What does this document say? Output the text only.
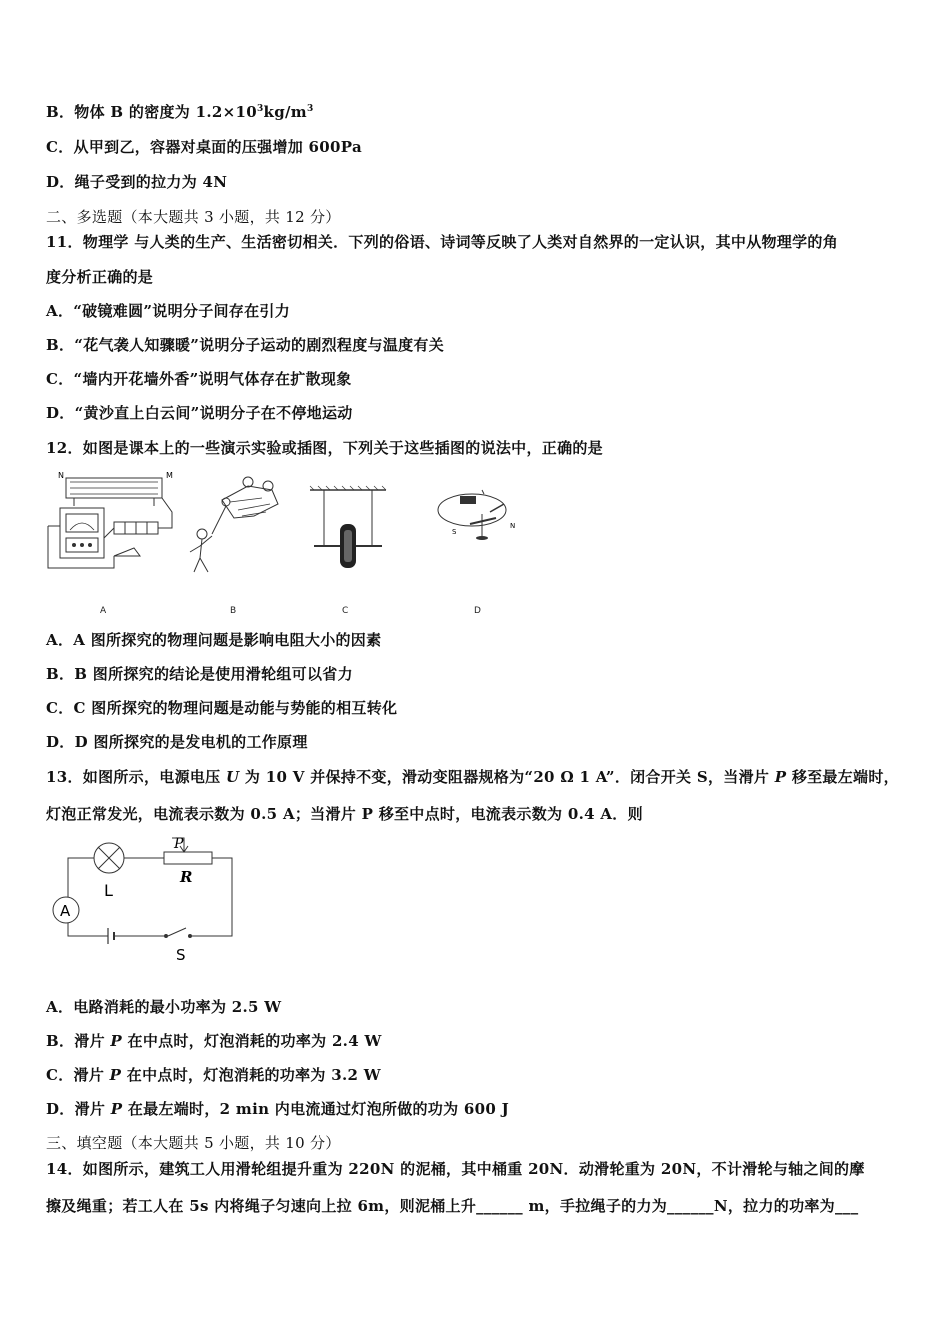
B．物体 B 的密度为 $1.2\times 10^3kg/m^3$
C．从甲到乙，容器对桌面的压强增加 600Pa
D．绳子受到的拉力为 4N
二、多选题（本大题共 3 小题，共 12 分）
11．物理学 与人类的生产、生活密切相关．下列的俗语、诗词等反映了人类对自然界的一定认识，其中从物理学的角
度分析正确的是
A．“破镜难圆”说明分子间存在引力
B．“花气袭人知骤暖”说明分子运动的剧烈程度与温度有关
C．“墙内开花墙外香”说明气体存在扩散现象
D．“黄沙直上白云间”说明分子在不停地运动
12．如图是课本上的一些演示实验或插图，下列关于这些插图的说法中，正确的是
N	M
S
N
A	B	C	D
A．A 图所探究的物理问题是影响电阻大小的因素
B．B 图所探究的结论是使用滑轮组可以省力
C．C 图所探究的物理问题是动能与势能的相互转化
D．D 图所探究的是发电机的工作原理
13．如图所示，电源电压 U 为 10 V 并保持不变，滑动变阻器规格为“20 Ω 1 A”．闭合开关 S，当滑片 P 移至最左端时，
灯泡正常发光，电流表示数为 0.5 A；当滑片 P 移至中点时，电流表示数为 0.4 A．则
A
L
P
R
S
A．电路消耗的最小功率为 2.5 W
B．滑片 P 在中点时，灯泡消耗的功率为 2.4 W
C．滑片 P 在中点时，灯泡消耗的功率为 3.2 W
D．滑片 P 在最左端时，2 min 内电流通过灯泡所做的功为 600 J
三、填空题（本大题共 5 小题，共 10 分）
14．如图所示，建筑工人用滑轮组提升重为 220N 的泥桶，其中桶重 20N．动滑轮重为 20N，不计滑轮与轴之间的摩
擦及绳重；若工人在 5s 内将绳子匀速向上拉 6m，则泥桶上升______ m，手拉绳子的力为______N，拉力的功率为___
